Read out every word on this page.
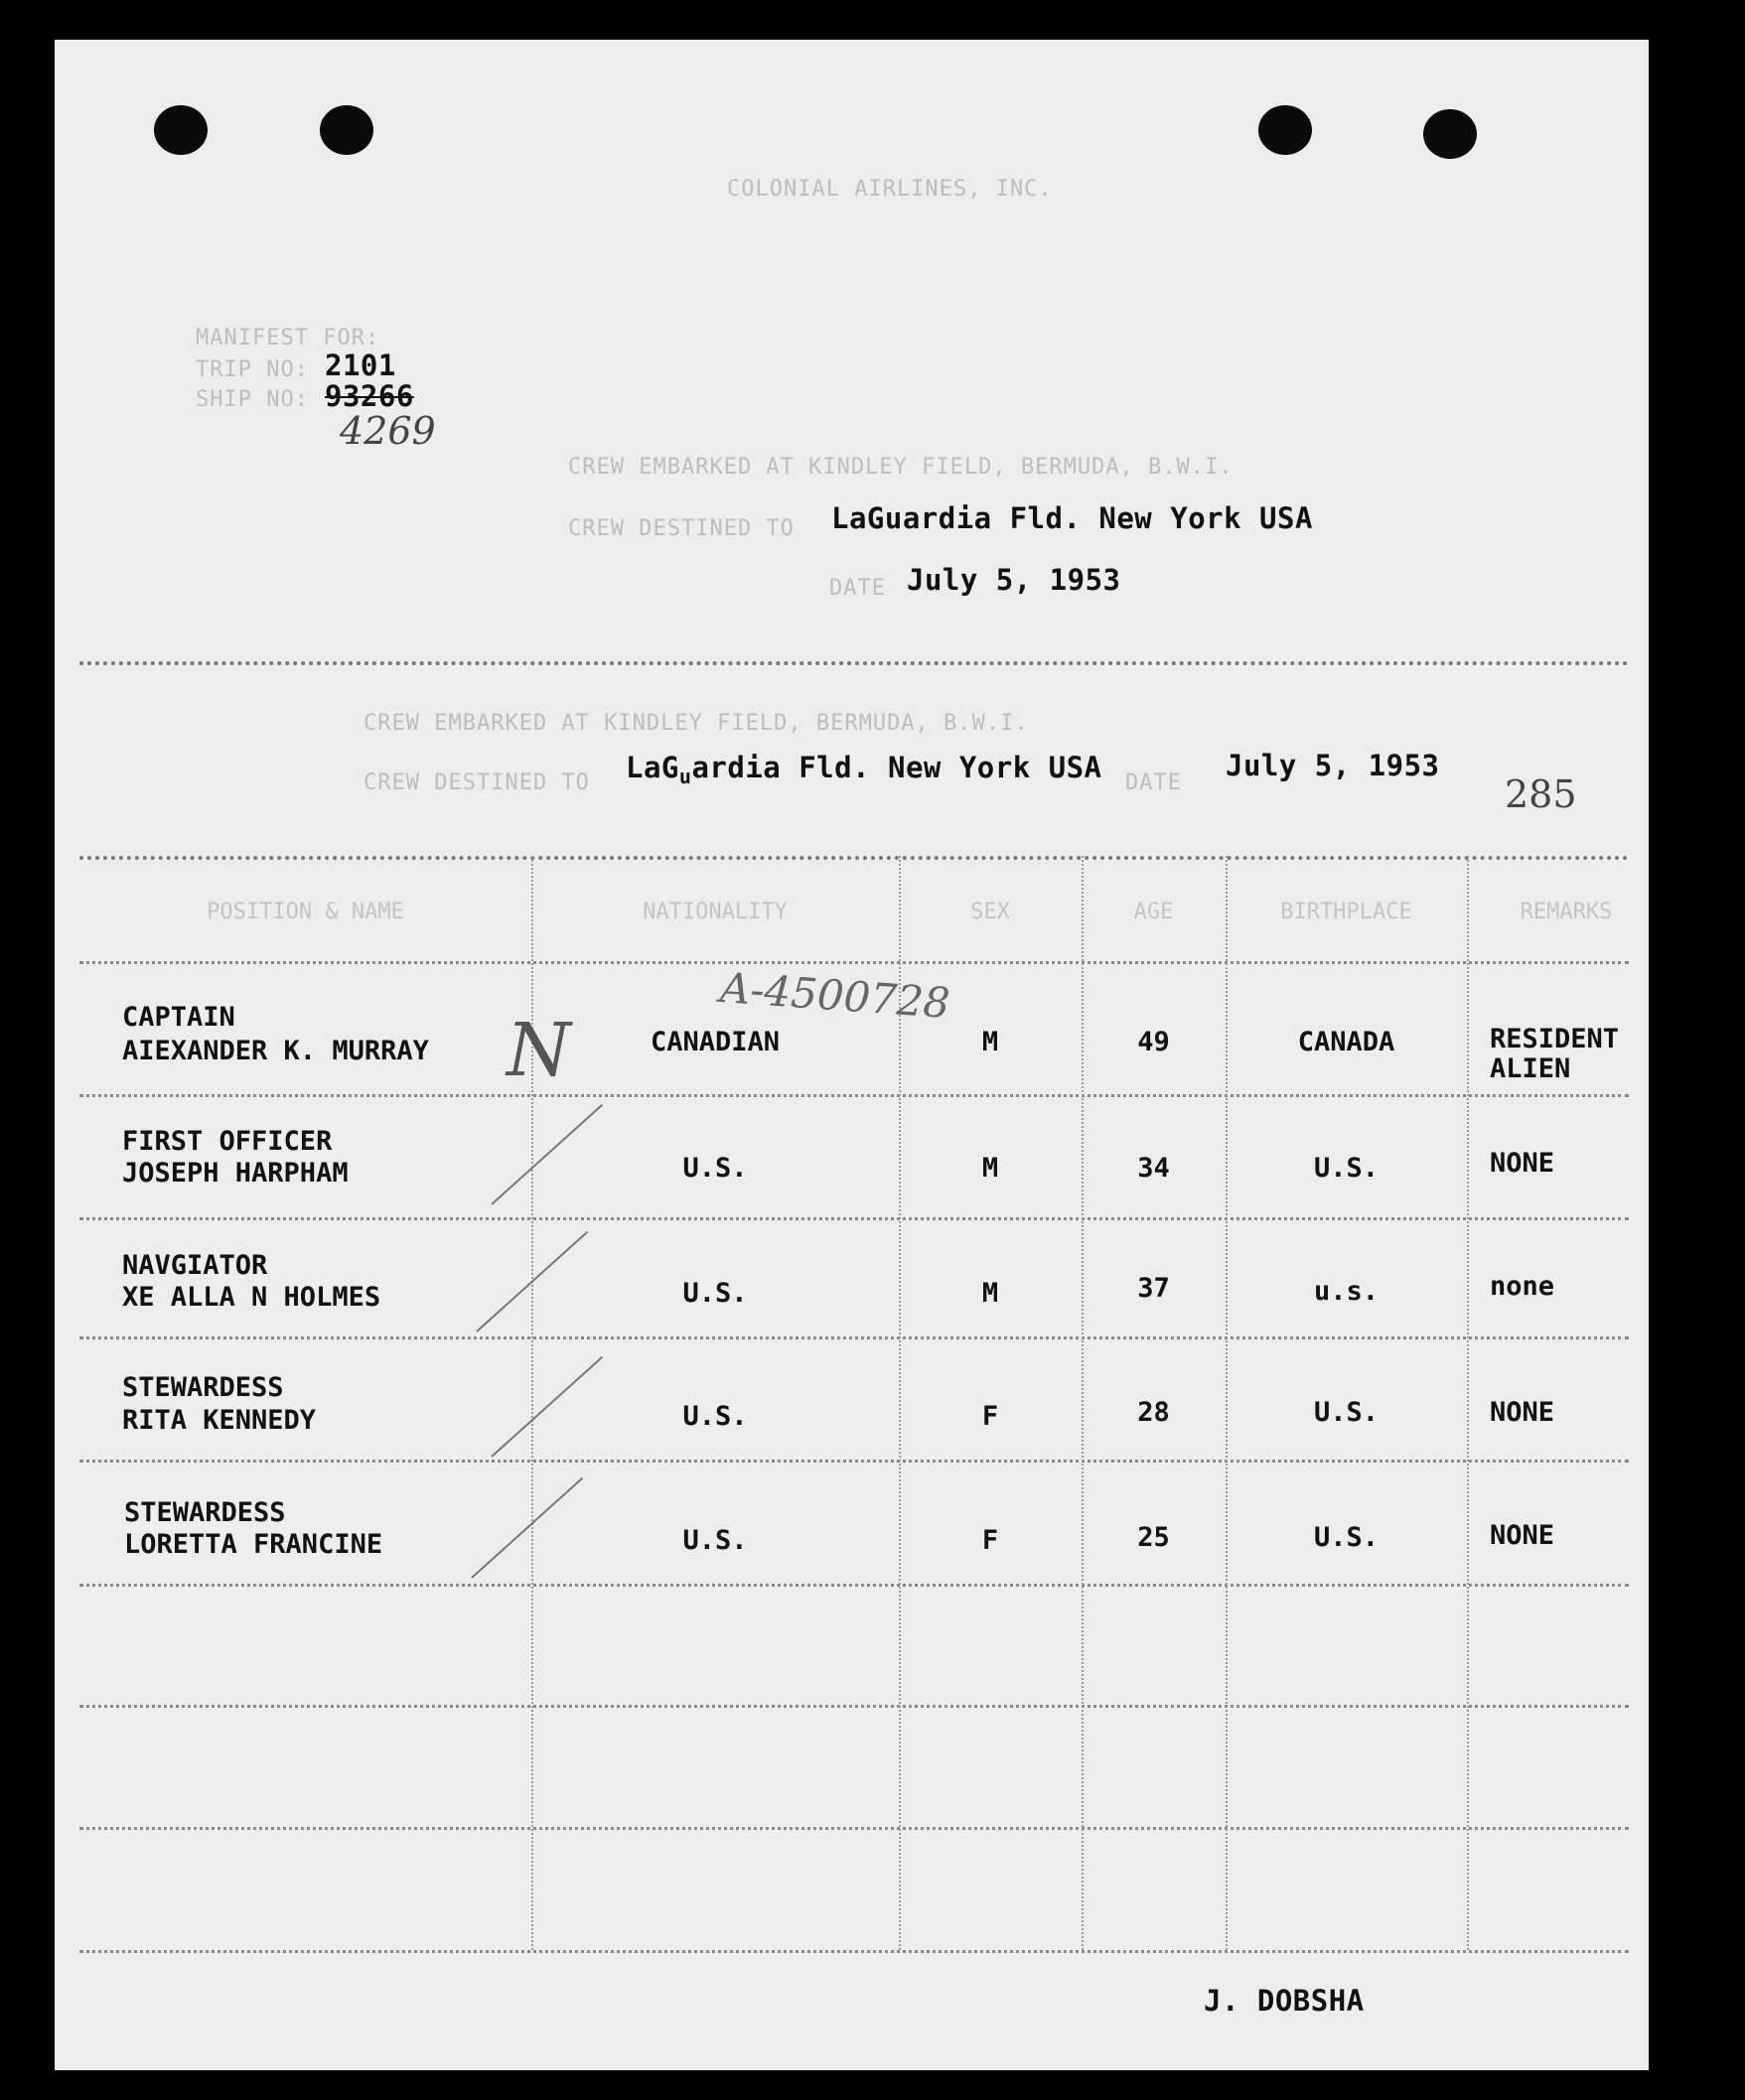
COLONIAL AIRLINES, INC.
MANIFEST FOR:
TRIP NO: 2101
SHIP NO: 93266
4269
CREW EMBARKED AT KINDLEY FIELD, BERMUDA, B.W.I.
CREW DESTINED TO LaGuardia Fld. New York USA
DATE July 5, 1953
CREW EMBARKED AT KINDLEY FIELD, BERMUDA, B.W.I.
CREW DESTINED TO LaG$_u$ardia Fld. New York USA DATE
July 5, 1953
285
POSITION & NAME	NATIONALITY	SEX	AGE	BIRTHPLACE	REMARKS
CAPTAIN
AIEXANDER K. MURRAY	CANADIAN	M	49	CANADA	RESIDENT
ALIEN
FIRST OFFICER
JOSEPH HARPHAM	U.S.	M	34	U.S.	NONE
NAVGIATOR
XE ALLA N HOLMES	U.S.	M	37	u.s.	none
STEWARDESS
RITA KENNEDY	U.S.	F	28	U.S.	NONE
STEWARDESS
LORETTA FRANCINE	U.S.	F	25	U.S.	NONE
N
A-4500728
J. DOBSHA
